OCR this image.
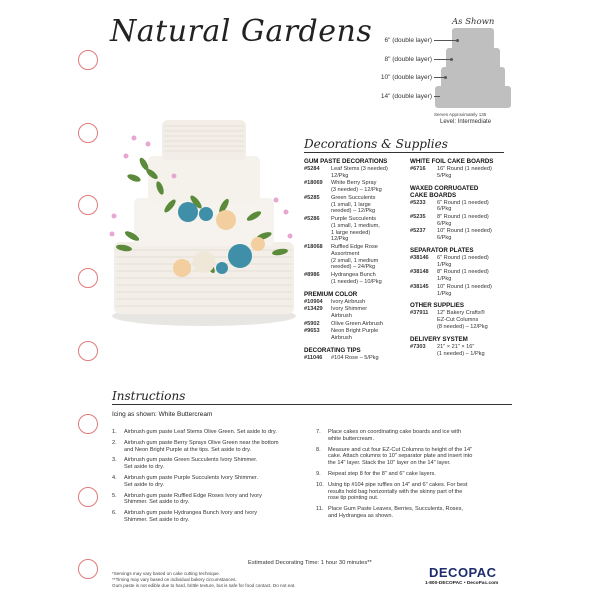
Natural Gardens	As Shown
6" (double layer)
8" (double layer)
10" (double layer)
14" (double layer)
Serves Approximately 135
Level: Intermediate
Decorations & Supplies
GUM PASTE DECORATIONS
#5284	Leaf Stems (3 needed)
12/Pkg
#18069	White Berry Spray
(3 needed) – 12/Pkg
#5285	Green Succulents
(1 small, 1 large
needed) – 12/Pkg
#5286	Purple Succulents
(1 small, 1 medium,
1 large needed)
12/Pkg
#18068	Ruffled Edge Rose
Assortment
(2 small, 1 medium
needed) – 24/Pkg
#8986	Hydrangea Bunch
(1 needed) – 10/Pkg
PREMIUM COLOR
#10904	Ivory Airbrush
#13429	Ivory Shimmer
Airbrush
#5902	Olive Green Airbrush
#9653	Neon Bright Purple
Airbrush
DECORATING TIPS
#11046	#104 Rose – 5/Pkg
WHITE FOIL CAKE BOARDS
#6716	16" Round (1 needed)
5/Pkg
WAXED CORRUGATED
CAKE BOARDS
#5233	6" Round (1 needed)
6/Pkg
#5235	8" Round (1 needed)
6/Pkg
#5237	10" Round (1 needed)
6/Pkg
SEPARATOR PLATES
#38146	6" Round (1 needed)
1/Pkg
#38148	8" Round (1 needed)
1/Pkg
#38145	10" Round (1 needed)
1/Pkg
OTHER SUPPLIES
#37911	12" Bakery Crafts®
EZ-Cut Columns
(8 needed) – 12/Pkg
DELIVERY SYSTEM
#7303	21" × 21" × 16"
(1 needed) – 1/Pkg
Instructions
Icing as shown: White Buttercream
1.	Airbrush gum paste Leaf Stems Olive Green. Set aside to dry.
2.	Airbrush gum paste Berry Sprays Olive Green near the bottom
and Neon Bright Purple at the tips. Set aside to dry.
3.	Airbrush gum paste Green Succulents Ivory Shimmer.
Set aside to dry.
4.	Airbrush gum paste Purple Succulents Ivory Shimmer.
Set aside to dry.
5.	Airbrush gum paste Ruffled Edge Roses Ivory and Ivory
Shimmer. Set aside to dry.
6.	Airbrush gum paste Hydrangea Bunch Ivory and Ivory
Shimmer. Set aside to dry.
7.	Place cakes on coordinating cake boards and ice with
white buttercream.
8.	Measure and cut four EZ-Cut Columns to height of the 14"
cake. Attach columns to 10" separator plate and insert into
the 14" layer. Stack the 10" layer on the 14" layer.
9.	Repeat step 8 for the 8" and 6" cake layers.
10. Using tip #104 pipe ruffles on 14" and 6" cakes. For best
results hold bag horizontally with the skinny part of the
rose tip pointing out.
11. Place Gum Paste Leaves, Berries, Succulents, Roses,
and Hydrangea as shown.
Estimated Decorating Time: 1 hour 30 minutes**
*Servings may vary based on cake cutting technique.
**Timing may vary based on individual bakery circumstances.
Gum paste is not edible due to hard, brittle texture, but is safe for food contact. Do not eat.
DECOPAC
1-800-DECOPAC • DecoPac.com
